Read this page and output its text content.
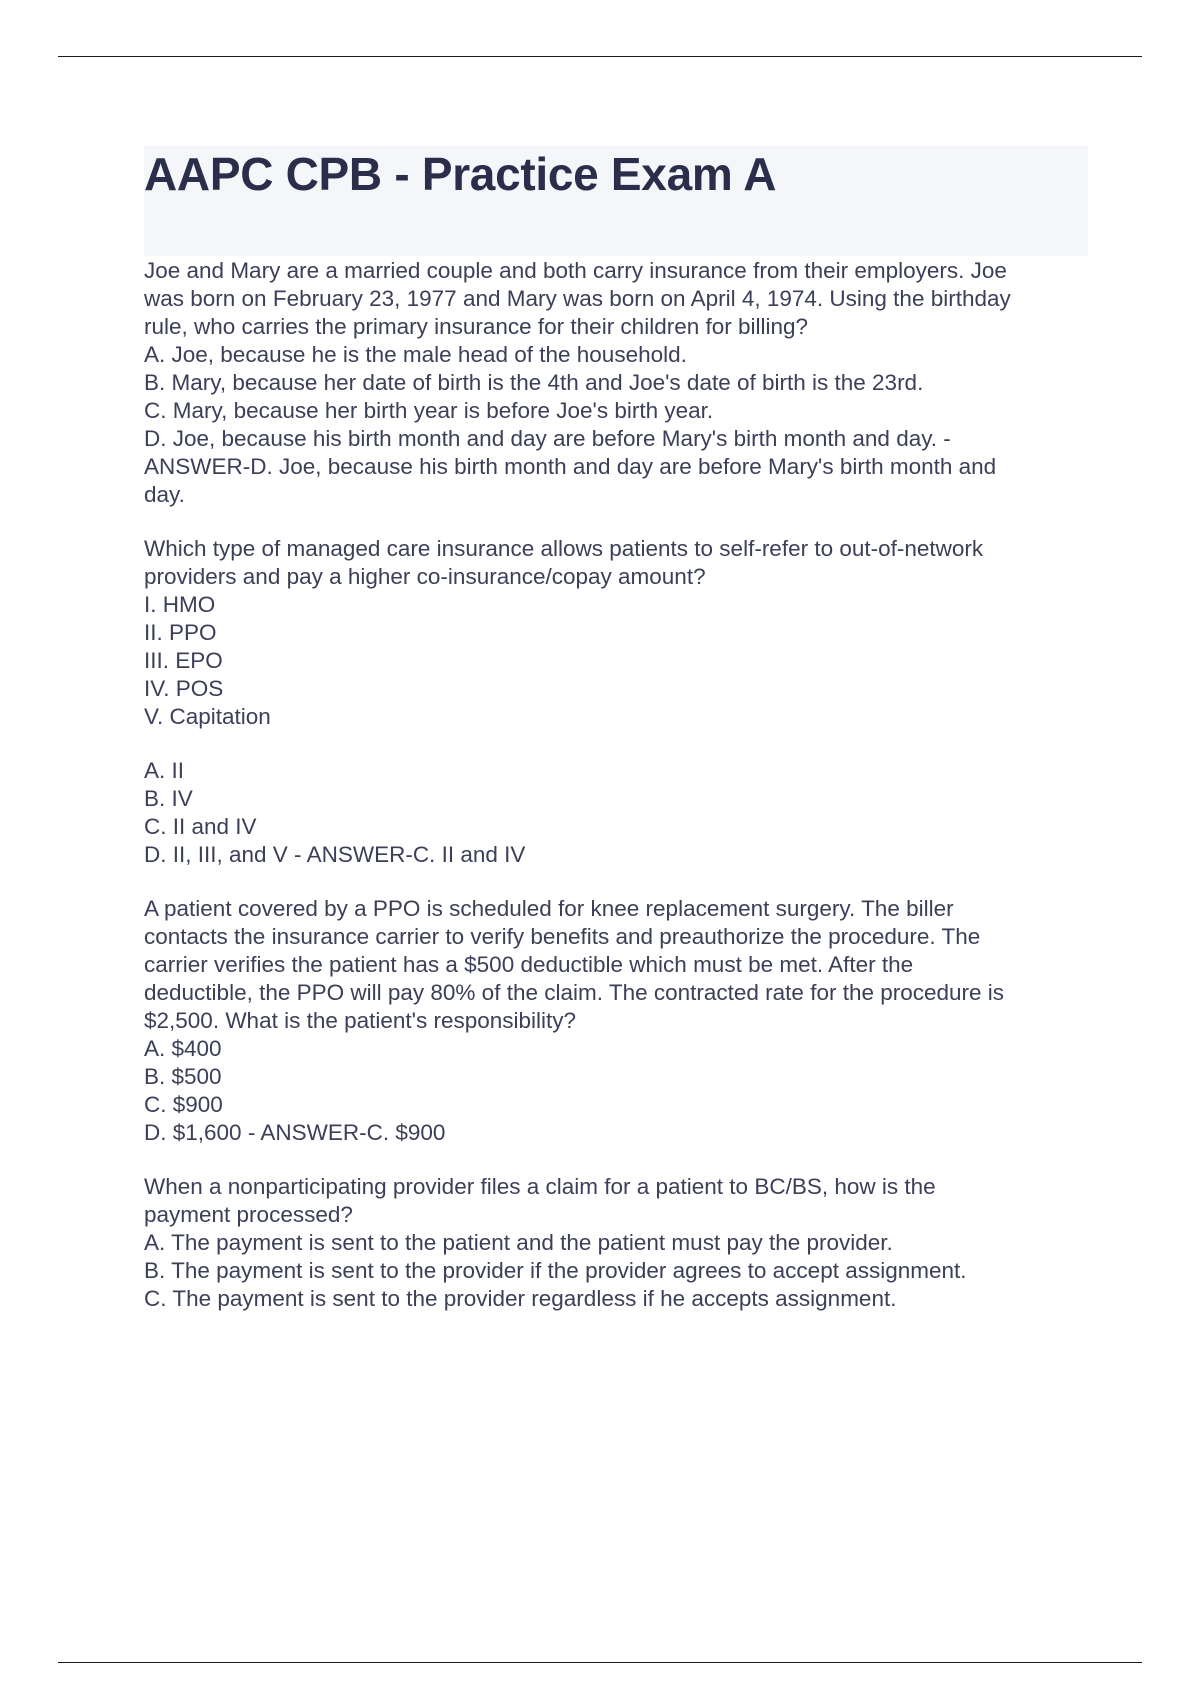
AAPC CPB - Practice Exam A

Joe and Mary are a married couple and both carry insurance from their employers. Joe
was born on February 23, 1977 and Mary was born on April 4, 1974. Using the birthday
rule, who carries the primary insurance for their children for billing?

A. Joe, because he is the male head of the household.
B. Mary, because her date of birth is the 4th and Joe's date of birth is the 23rd.
C. Mary, because her birth year is before Joe's birth year.

D. Joe, because his birth month and day are before Mary's birth month and day. -
ANSWER-D. Joe, because his birth month and day are before Mary's birth month and
day.

Which type of managed care insurance allows patients to self-refer to out-of-network
providers and pay a higher co-insurance/copay amount?

I. HMO
II. PPO
III. EPO
IV. POS
V. Capitation
A. II
B. IV
C. II and IV
D. II, III, and V - ANSWER-C. II and IV

A patient covered by a PPO is scheduled for knee replacement surgery. The biller
contacts the insurance carrier to verify benefits and preauthorize the procedure. The
carrier verifies the patient has a $500 deductible which must be met. After the
deductible, the PPO will pay 80% of the claim. The contracted rate for the procedure is
$2,500. What is the patient's responsibility?

A. $400
B. $500
C. $900
D. $1,600 - ANSWER-C. $900

When a nonparticipating provider files a claim for a patient to BC/BS, how is the
payment processed?

A. The payment is sent to the patient and the patient must pay the provider.
B. The payment is sent to the provider if the provider agrees to accept assignment.
C. The payment is sent to the provider regardless if he accepts assignment.
